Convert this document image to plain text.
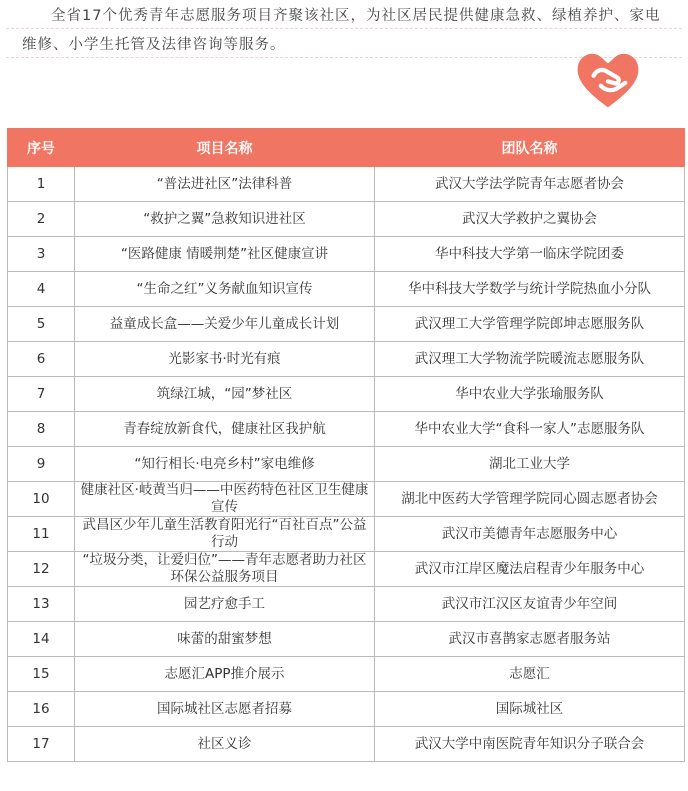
全省17个优秀青年志愿服务项目齐聚该社区，为社区居民提供健康急救、绿植养护、家电维修、小学生托管及法律咨询等服务。

序号	项目名称	团队名称
1	“普法进社区”法律科普	武汉大学法学院青年志愿者协会
2	“救护之翼”急救知识进社区	武汉大学救护之翼协会
3	“医路健康 情暖荆楚”社区健康宣讲	华中科技大学第一临床学院团委
4	“生命之红”义务献血知识宣传	华中科技大学数学与统计学院热血小分队
5	益童成长盒——关爱少年儿童成长计划	武汉理工大学管理学院郎坤志愿服务队
6	光影家书·时光有痕	武汉理工大学物流学院暖流志愿服务队
7	筑绿江城，“园”梦社区	华中农业大学张瑜服务队
8	青春绽放新食代，健康社区我护航	华中农业大学“食科一家人”志愿服务队
9	“知行相长·电亮乡村”家电维修	湖北工业大学
10	健康社区·岐黄当归——中医药特色社区卫生健康宣传	湖北中医药大学管理学院同心圆志愿者协会
11	武昌区少年儿童生活教育阳光行“百社百点”公益行动	武汉市美德青年志愿服务中心
12	“垃圾分类，让爱归位”——青年志愿者助力社区环保公益服务项目	武汉市江岸区魔法启程青少年服务中心
13	园艺疗愈手工	武汉市江汉区友谊青少年空间
14	味蕾的甜蜜梦想	武汉市喜鹊家志愿者服务站
15	志愿汇APP推介展示	志愿汇
16	国际城社区志愿者招募	国际城社区
17	社区义诊	武汉大学中南医院青年知识分子联合会
